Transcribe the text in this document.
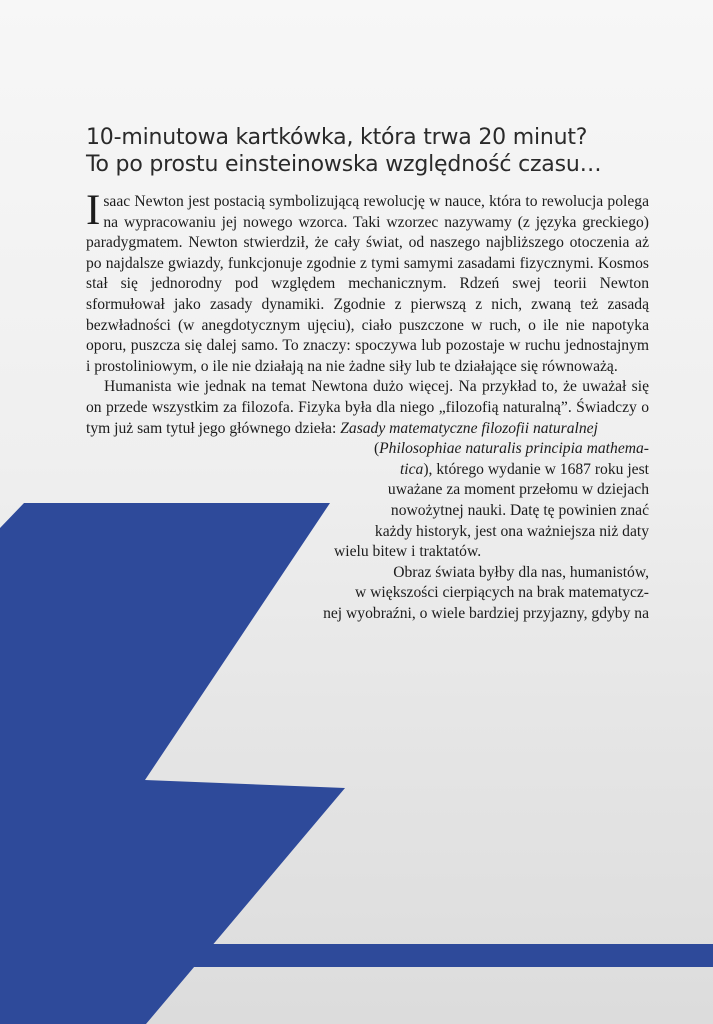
10-minutowa kartkówka, która trwa 20 minut?
To po prostu einsteinowska względność czasu…

Isaac Newton jest postacią symbolizującą rewolucję w nauce, która to rewolucja polega na wypracowaniu jej nowego wzorca. Taki wzorzec nazywamy (z języka greckiego) paradygmatem. Newton stwierdził, że cały świat, od naszego najbliższego otoczenia aż po najdalsze gwiazdy, funkcjonuje zgodnie z tymi samymi zasadami fizycznymi. Kosmos stał się jednorodny pod względem mechanicznym. Rdzeń swej teorii Newton sformułował jako zasady dynamiki. Zgodnie z pierwszą z nich, zwaną też zasadą bezwładności (w anegdotycznym ujęciu), ciało puszczone w ruch, o ile nie napotyka oporu, puszcza się dalej samo. To znaczy: spoczywa lub pozostaje w ruchu jednostajnym i prostoliniowym, o ile nie działają na nie żadne siły lub te działające się równoważą.

Humanista wie jednak na temat Newtona dużo więcej. Na przykład to, że uważał się on przede wszystkim za filozofa. Fizyka była dla niego „filozofią naturalną”. Świadczy o tym już sam tytuł jego głównego dzieła: Zasady matematyczne filozofii naturalnej

(Philosophiae naturalis principia mathema-
tica), którego wydanie w 1687 roku jest
uważane za moment przełomu w dziejach
nowożytnej nauki. Datę tę powinien znać
każdy historyk, jest ona ważniejsza niż daty
wielu bitew i traktatów.
Obraz świata byłby dla nas, humanistów,
w większości cierpiących na brak matematycz-
nej wyobraźni, o wiele bardziej przyjazny, gdyby na
